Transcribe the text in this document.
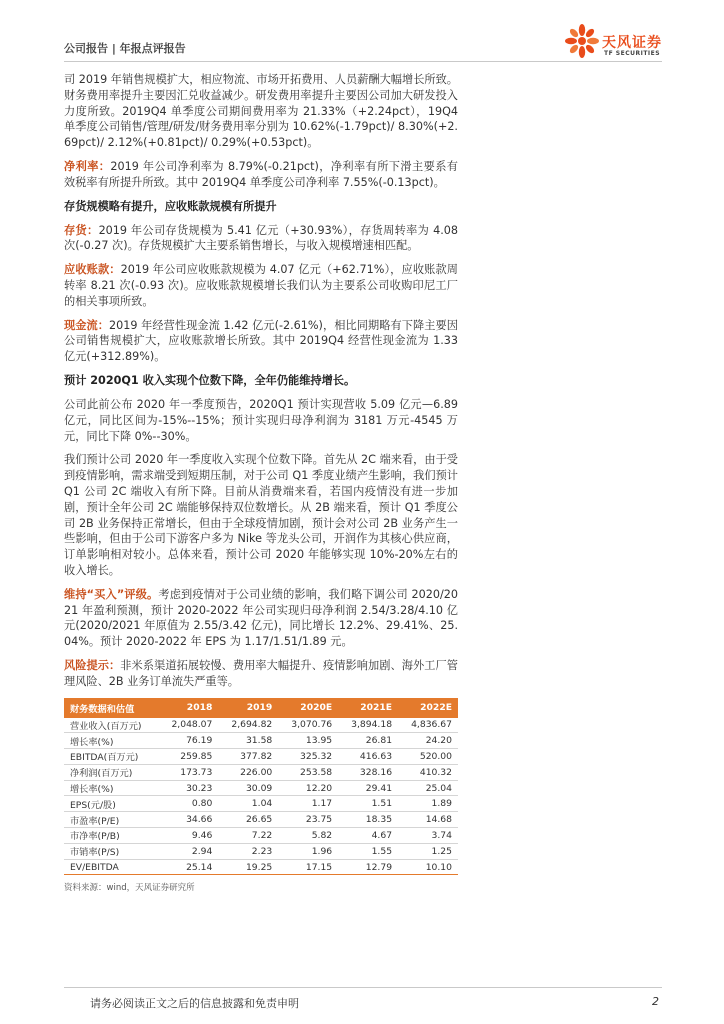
公司报告 | 年报点评报告	天风证券
TF SECURITIES

司 2019 年销售规模扩大，相应物流、市场开拓费用、人员薪酬大幅增长所致。财务费用率提升主要因汇兑收益减少。研发费用率提升主要因公司加大研发投入力度所致。2019Q4 单季度公司期间费用率为 21.33%（+2.24pct），19Q4 单季度公司销售/管理/研发/财务费用率分别为 10.62%(-1.79pct)/ 8.30%(+2.69pct)/ 2.12%(+0.81pct)/ 0.29%(+0.53pct)。

净利率：2019 年公司净利率为 8.79%(-0.21pct)，净利率有所下滑主要系有效税率有所提升所致。其中 2019Q4 单季度公司净利率 7.55%(-0.13pct)。

存货规模略有提升，应收账款规模有所提升

存货：2019 年公司存货规模为 5.41 亿元（+30.93%），存货周转率为 4.08 次(-0.27 次)。存货规模扩大主要系销售增长，与收入规模增速相匹配。

应收账款：2019 年公司应收账款规模为 4.07 亿元（+62.71%），应收账款周转率 8.21 次(-0.93 次)。应收账款规模增长我们认为主要系公司收购印尼工厂的相关事项所致。

现金流：2019 年经营性现金流 1.42 亿元(-2.61%)，相比同期略有下降主要因公司销售规模扩大，应收账款增长所致。其中 2019Q4 经营性现金流为 1.33 亿元(+312.89%)。

预计 2020Q1 收入实现个位数下降，全年仍能维持增长。

公司此前公布 2020 年一季度预告，2020Q1 预计实现营收 5.09 亿元—6.89 亿元，同比区间为-15%--15%；预计实现归母净利润为 3181 万元-4545 万元，同比下降 0%--30%。

我们预计公司 2020 年一季度收入实现个位数下降。首先从 2C 端来看，由于受到疫情影响，需求端受到短期压制，对于公司 Q1 季度业绩产生影响，我们预计 Q1 公司 2C 端收入有所下降。目前从消费端来看，若国内疫情没有进一步加剧，预计全年公司 2C 端能够保持双位数增长。从 2B 端来看，预计 Q1 季度公司 2B 业务保持正常增长，但由于全球疫情加剧，预计会对公司 2B 业务产生一些影响，但由于公司下游客户多为 Nike 等龙头公司，开润作为其核心供应商，订单影响相对较小。总体来看，预计公司 2020 年能够实现 10%-20%左右的收入增长。

维持“买入”评级。考虑到疫情对于公司业绩的影响，我们略下调公司 2020/2021 年盈利预测，预计 2020-2022 年公司实现归母净利润 2.54/3.28/4.10 亿元(2020/2021 年原值为 2.55/3.42 亿元)，同比增长 12.2%、29.41%、25.04%。预计 2020-2022 年 EPS 为 1.17/1.51/1.89 元。

风险提示：非米系渠道拓展较慢、费用率大幅提升、疫情影响加剧、海外工厂管理风险、2B 业务订单流失严重等。

财务数据和估值	2018	2019	2020E	2021E	2022E
营业收入(百万元)	2,048.07	2,694.82	3,070.76	3,894.18	4,836.67
增长率(%)	76.19	31.58	13.95	26.81	24.20
EBITDA(百万元)	259.85	377.82	325.32	416.63	520.00
净利润(百万元)	173.73	226.00	253.58	328.16	410.32
增长率(%)	30.23	30.09	12.20	29.41	25.04
EPS(元/股)	0.80	1.04	1.17	1.51	1.89
市盈率(P/E)	34.66	26.65	23.75	18.35	14.68
市净率(P/B)	9.46	7.22	5.82	4.67	3.74
市销率(P/S)	2.94	2.23	1.96	1.55	1.25
EV/EBITDA	25.14	19.25	17.15	12.79	10.10
资料来源：wind，天风证券研究所
请务必阅读正文之后的信息披露和免责申明	2
